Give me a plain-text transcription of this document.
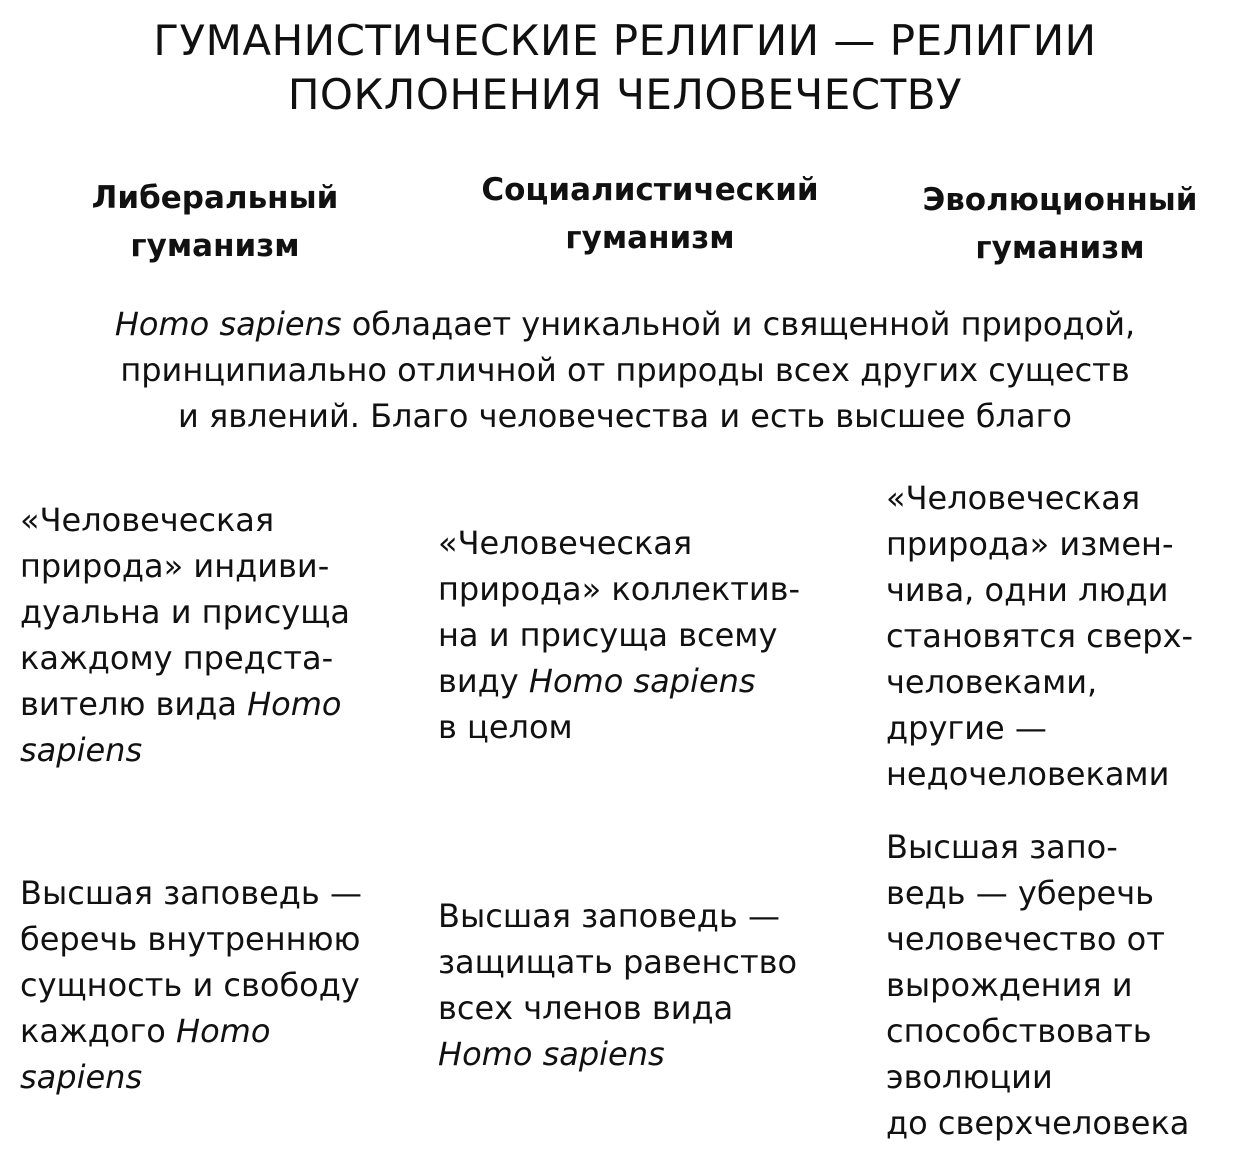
ГУМАНИСТИЧЕСКИЕ РЕЛИГИИ — РЕЛИГИИ
ПОКЛОНЕНИЯ ЧЕЛОВЕЧЕСТВУ
Либеральный
гуманизм
Социалистический
гуманизм
Эволюционный
гуманизм
Homo sapiens обладает уникальной и священной природой,
принципиально отличной от природы всех других существ
и явлений. Благо человечества и есть высшее благо
«Человеческая
природа» индиви-
дуальна и присуща
каждому предста-
вителю вида Homo
sapiens
«Человеческая
природа» коллектив-
на и присуща всему
виду Homo sapiens
в целом
«Человеческая
природа» измен-
чива, одни люди
становятся сверх-
человеками,
другие —
недочеловеками
Высшая заповедь —
беречь внутреннюю
сущность и свободу
каждого Homo
sapiens
Высшая заповедь —
защищать равенство
всех членов вида
Homo sapiens
Высшая запо-
ведь — уберечь
человечество от
вырождения и
способствовать
эволюции
до сверхчеловека
